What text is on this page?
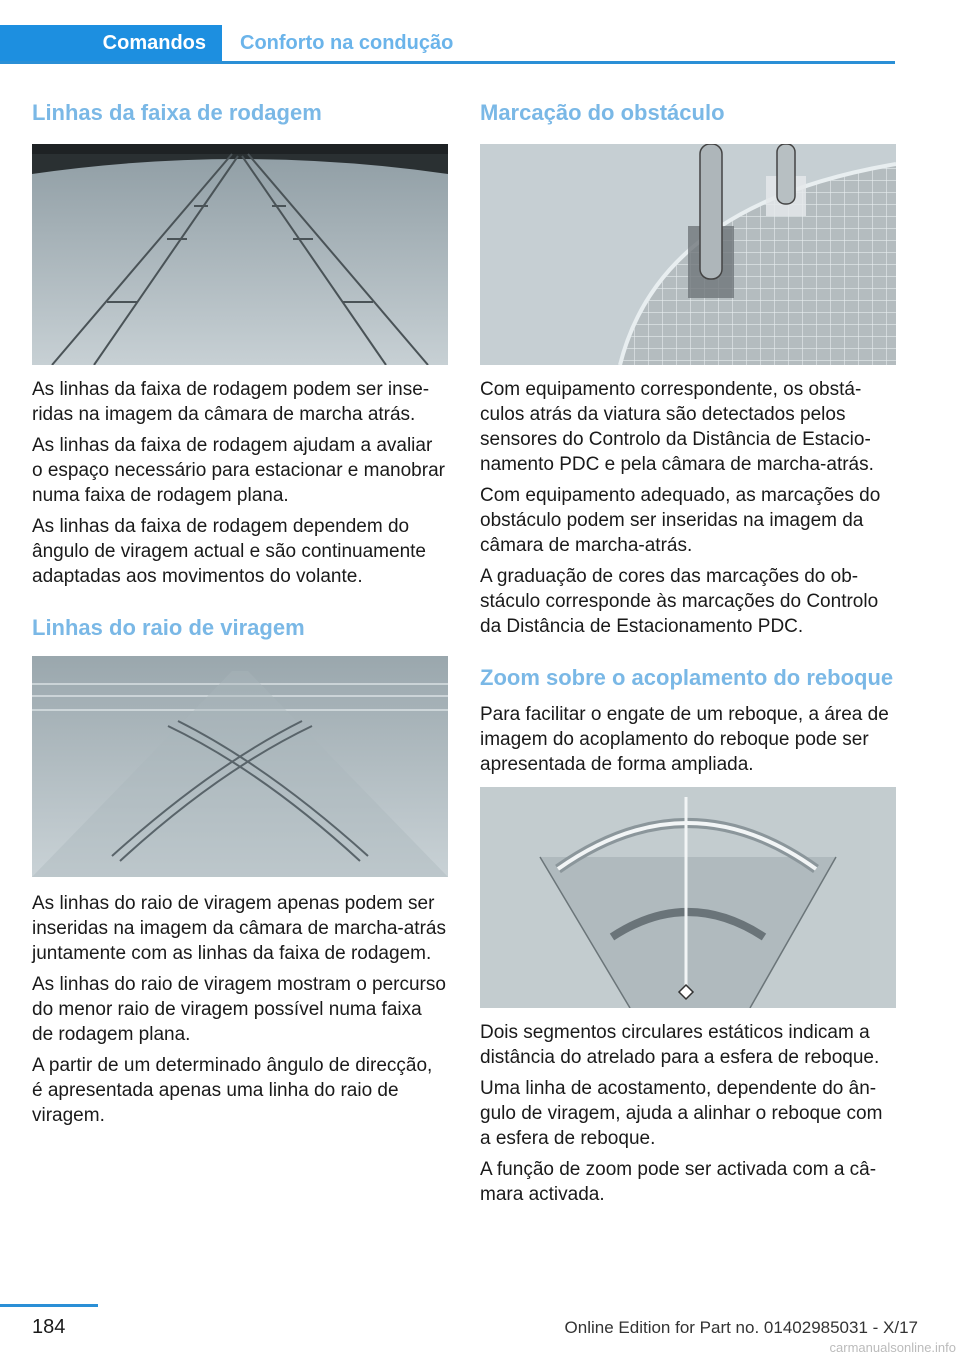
Comandos	Conforto na condução
Linhas da faixa de rodagem

As linhas da faixa de rodagem podem ser inseridas na imagem da câmara de marcha atrás.

As linhas da faixa de rodagem ajudam a avaliar o espaço necessário para estacionar e manobrar numa faixa de rodagem plana.

As linhas da faixa de rodagem dependem do ângulo de viragem actual e são continuamente adaptadas aos movimentos do volante.

Linhas do raio de viragem

As linhas do raio de viragem apenas podem ser inseridas na imagem da câmara de marcha-atrás juntamente com as linhas da faixa de rodagem.

As linhas do raio de viragem mostram o percurso do menor raio de viragem possível numa faixa de rodagem plana.

A partir de um determinado ângulo de direcção, é apresentada apenas uma linha do raio de viragem.

Marcação do obstáculo

Com equipamento correspondente, os obstáculos atrás da viatura são detectados pelos sensores do Controlo da Distância de Estacionamento PDC e pela câmara de marcha-atrás.

Com equipamento adequado, as marcações do obstáculo podem ser inseridas na imagem da câmara de marcha-atrás.

A graduação de cores das marcações do obstáculo corresponde às marcações do Controlo da Distância de Estacionamento PDC.

Zoom sobre o acoplamento do reboque

Para facilitar o engate de um reboque, a área de imagem do acoplamento do reboque pode ser apresentada de forma ampliada.

Dois segmentos circulares estáticos indicam a distância do atrelado para a esfera de reboque.

Uma linha de acostamento, dependente do ângulo de viragem, ajuda a alinhar o reboque com a esfera de reboque.

A função de zoom pode ser activada com a câmara activada.

184	Online Edition for Part no. 01402985031 - X/17
carmanualsonline.info
